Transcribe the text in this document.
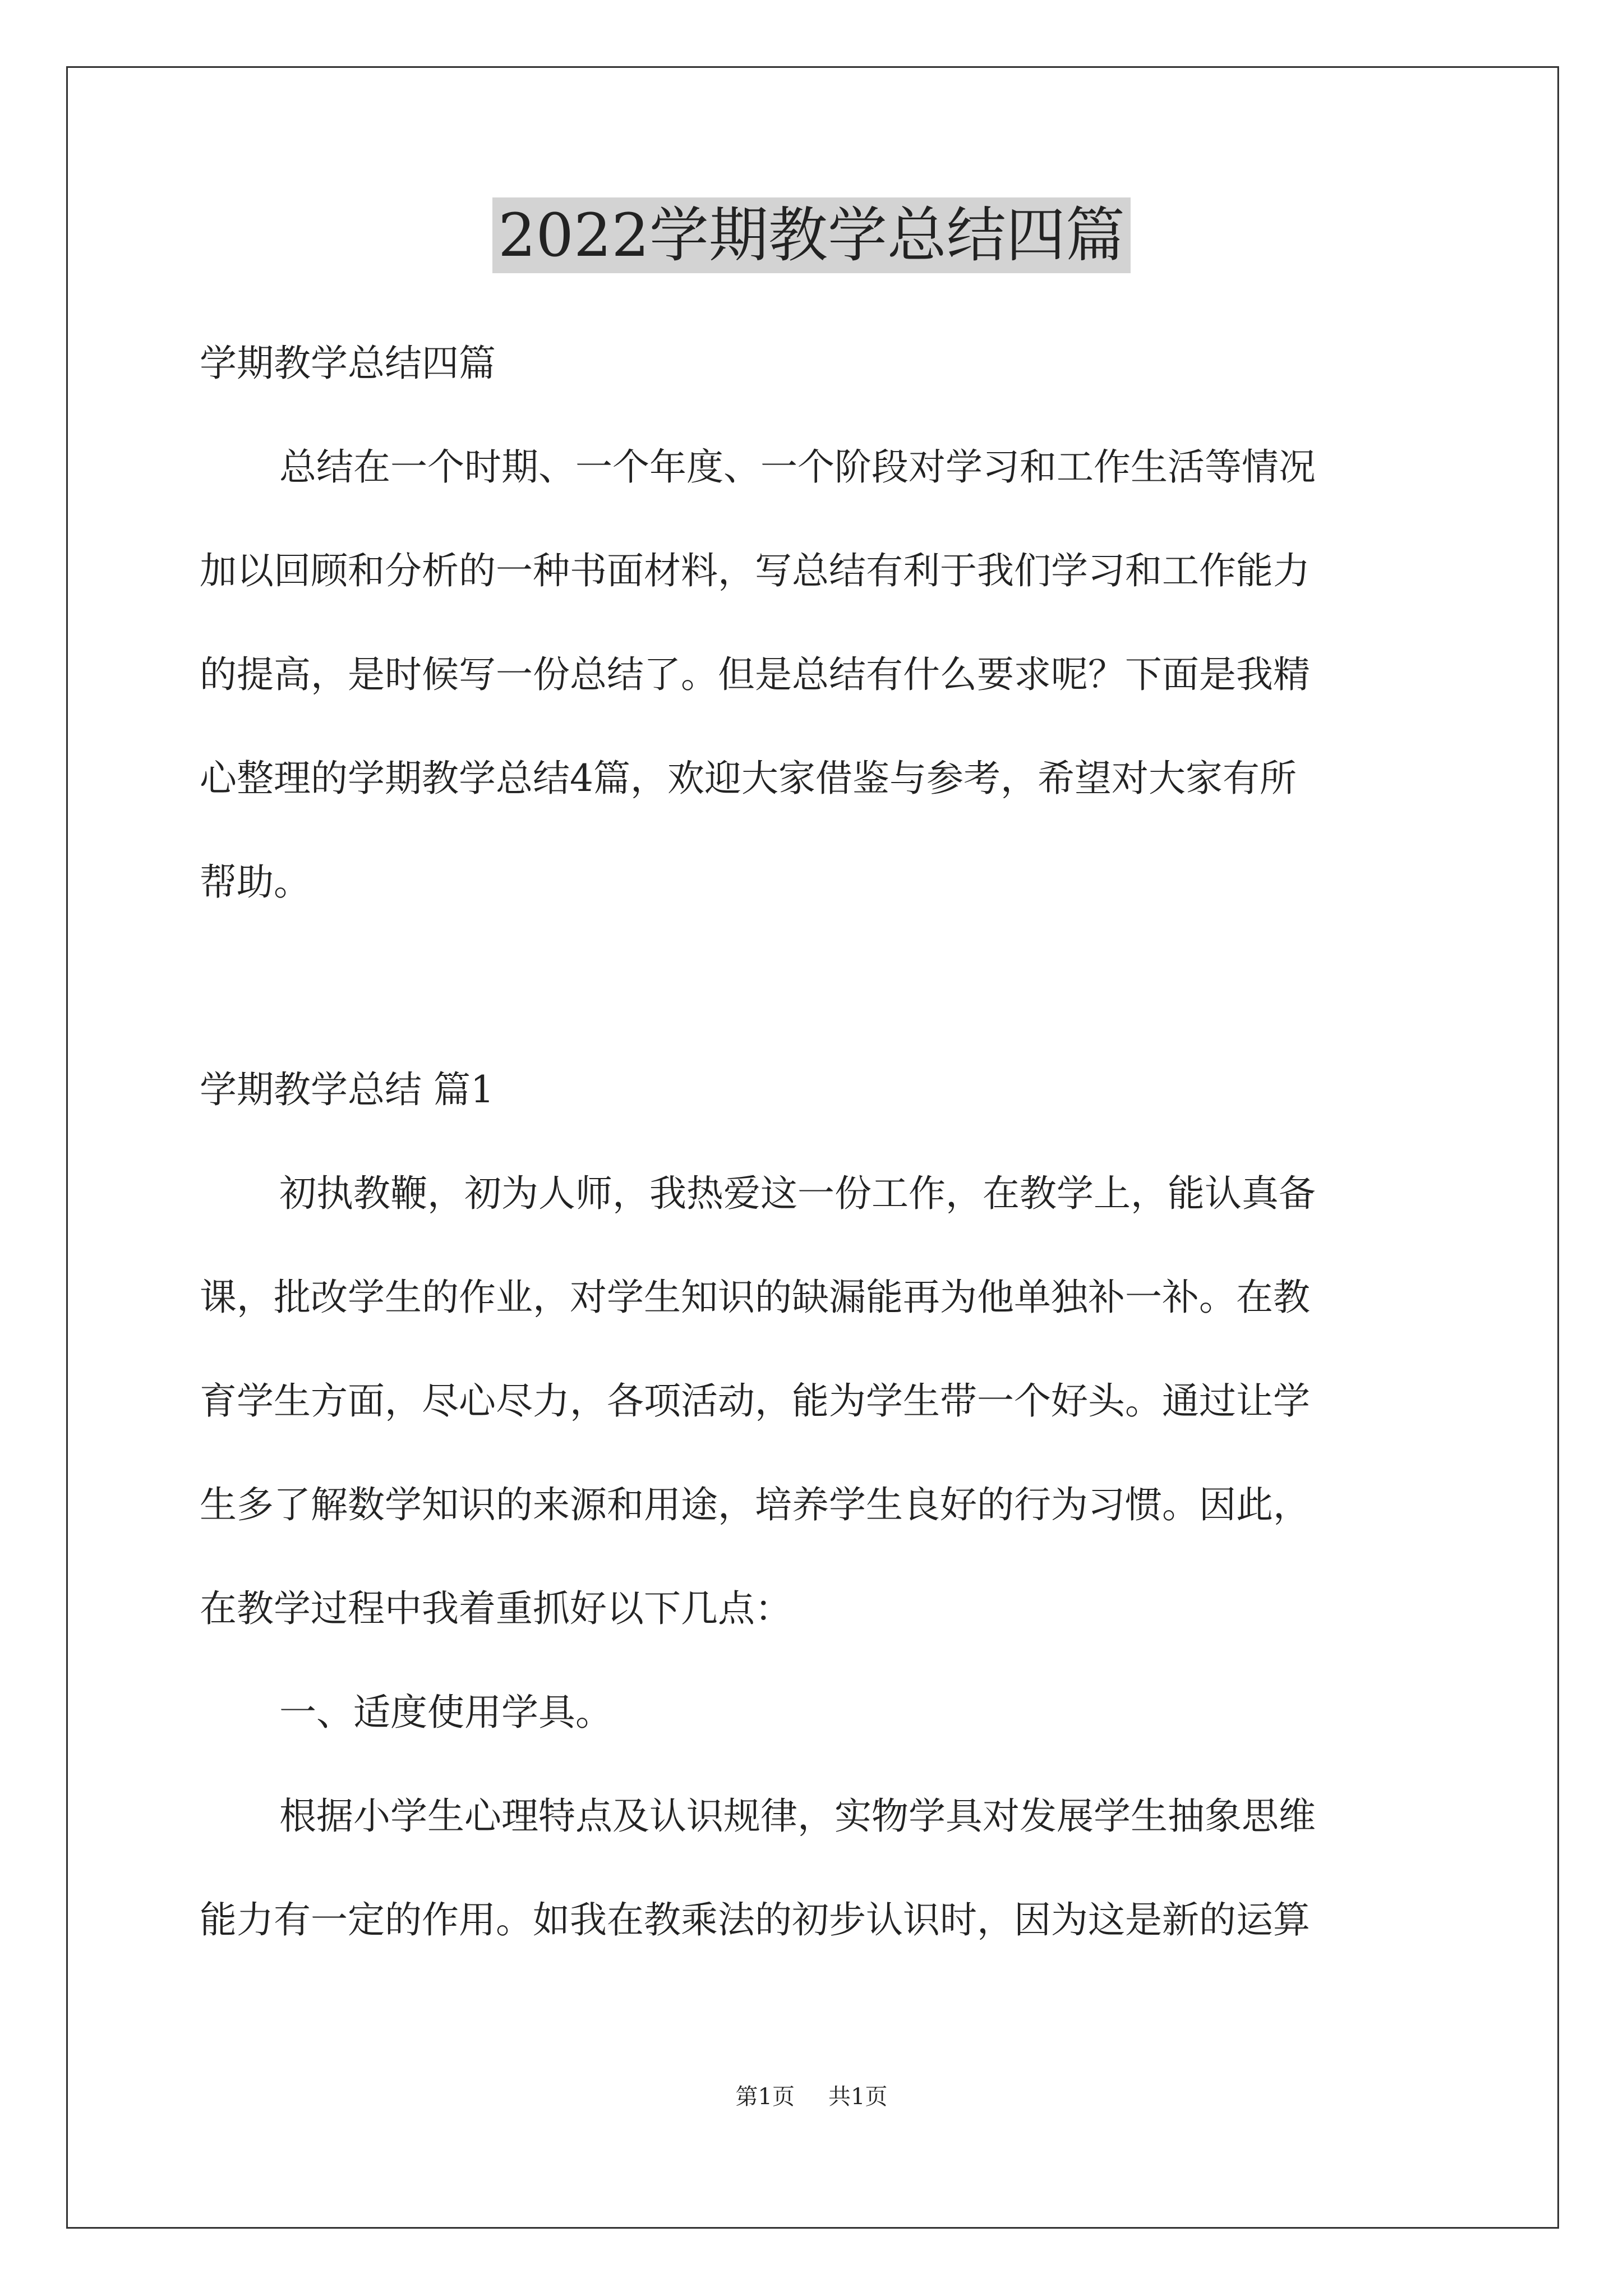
2022学期教学总结四篇

学期教学总结四篇

总结在一个时期、一个年度、一个阶段对学习和工作生活等情况

加以回顾和分析的一种书面材料，写总结有利于我们学习和工作能力

的提高，是时候写一份总结了。但是总结有什么要求呢？下面是我精

心整理的学期教学总结4篇，欢迎大家借鉴与参考，希望对大家有所

帮助。

学期教学总结 篇1

初执教鞭，初为人师，我热爱这一份工作，在教学上，能认真备

课，批改学生的作业，对学生知识的缺漏能再为他单独补一补。在教

育学生方面，尽心尽力，各项活动，能为学生带一个好头。通过让学

生多了解数学知识的来源和用途，培养学生良好的行为习惯。因此，

在教学过程中我着重抓好以下几点：

一、适度使用学具。

根据小学生心理特点及认识规律，实物学具对发展学生抽象思维

能力有一定的作用。如我在教乘法的初步认识时，因为这是新的运算

第1页 共1页
